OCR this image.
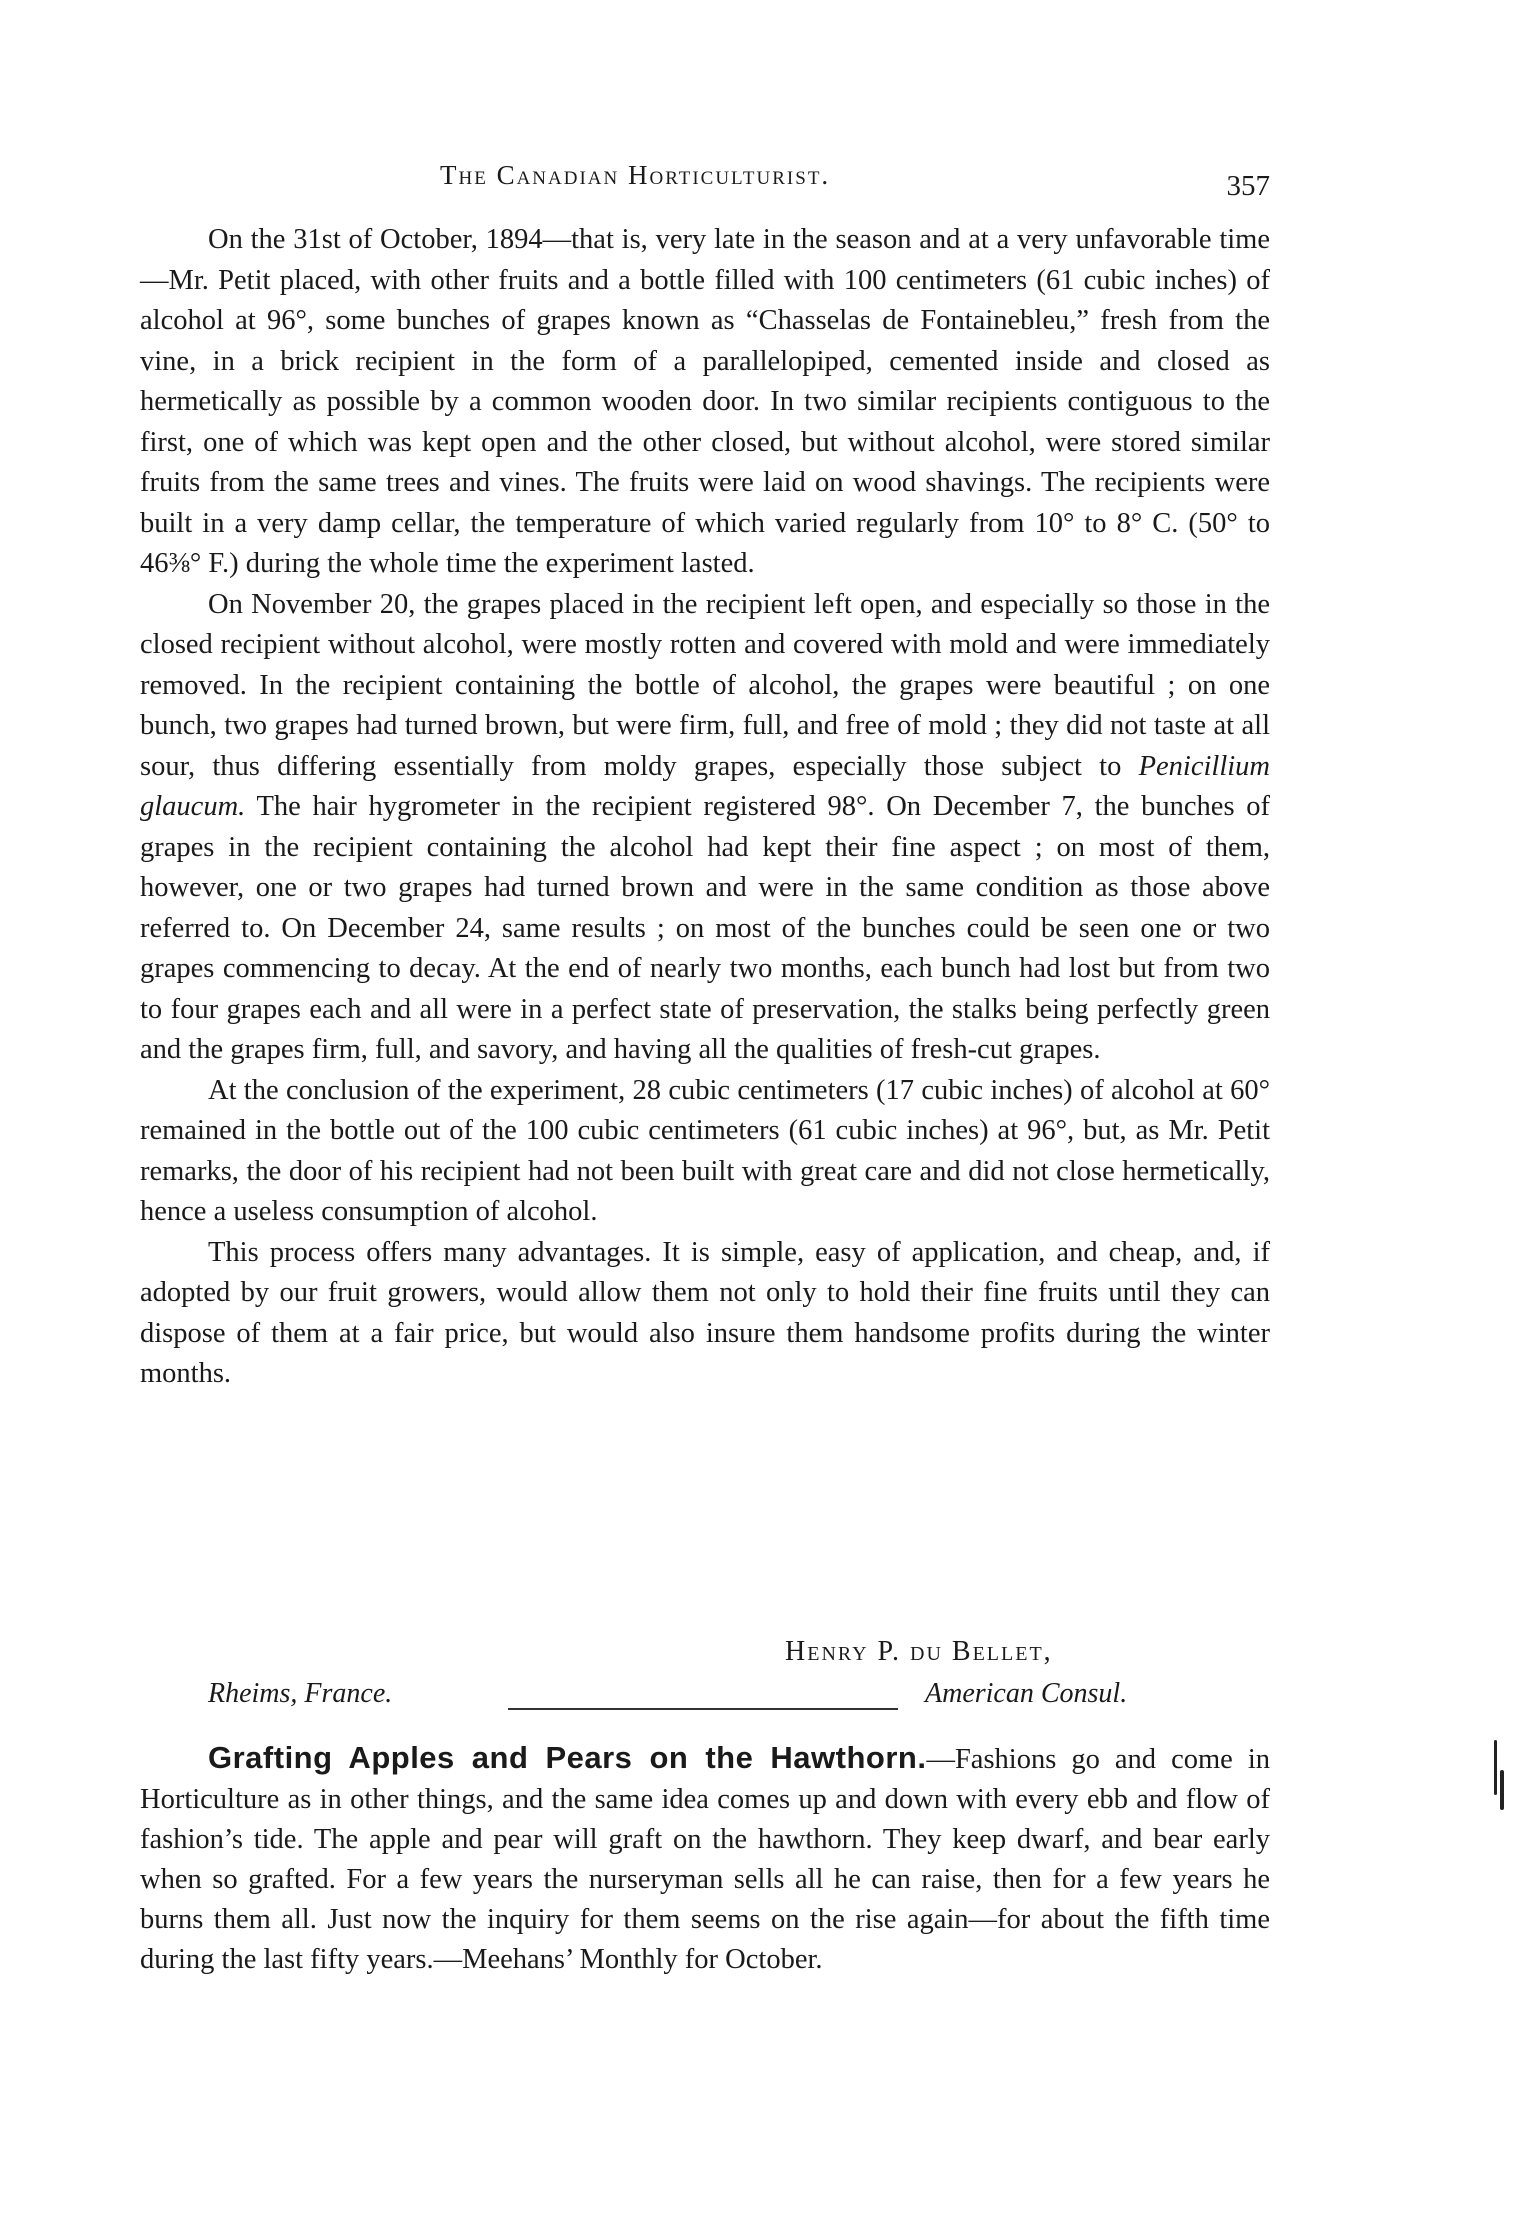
The Canadian Horticulturist.	357

On the 31st of October, 1894—that is, very late in the season and at a very unfavorable time—Mr. Petit placed, with other fruits and a bottle filled with 100 centimeters (61 cubic inches) of alcohol at 96°, some bunches of grapes known as “Chasselas de Fontainebleu,” fresh from the vine, in a brick recipient in the form of a parallelopiped, cemented inside and closed as hermetically as possible by a common wooden door. In two similar recipients contiguous to the first, one of which was kept open and the other closed, but without alcohol, were stored similar fruits from the same trees and vines. The fruits were laid on wood shavings. The recipients were built in a very damp cellar, the temperature of which varied regularly from 10° to 8° C. (50° to 46⅜° F.) during the whole time the experiment lasted.

On November 20, the grapes placed in the recipient left open, and especially so those in the closed recipient without alcohol, were mostly rotten and covered with mold and were immediately removed. In the recipient containing the bottle of alcohol, the grapes were beautiful ; on one bunch, two grapes had turned brown, but were firm, full, and free of mold ; they did not taste at all sour, thus differing essentially from moldy grapes, especially those subject to Penicillium glaucum. The hair hygrometer in the recipient registered 98°. On December 7, the bunches of grapes in the recipient containing the alcohol had kept their fine aspect ; on most of them, however, one or two grapes had turned brown and were in the same condition as those above referred to. On December 24, same results ; on most of the bunches could be seen one or two grapes commencing to decay. At the end of nearly two months, each bunch had lost but from two to four grapes each and all were in a perfect state of preservation, the stalks being perfectly green and the grapes firm, full, and savory, and having all the qualities of fresh-cut grapes.

At the conclusion of the experiment, 28 cubic centimeters (17 cubic inches) of alcohol at 60° remained in the bottle out of the 100 cubic centimeters (61 cubic inches) at 96°, but, as Mr. Petit remarks, the door of his recipient had not been built with great care and did not close hermetically, hence a useless consumption of alcohol.

This process offers many advantages. It is simple, easy of application, and cheap, and, if adopted by our fruit growers, would allow them not only to hold their fine fruits until they can dispose of them at a fair price, but would also insure them handsome profits during the winter months.

Henry P. du Bellet,
Rheims, France.	American Consul.

Grafting Apples and Pears on the Hawthorn.—Fashions go and come in Horticulture as in other things, and the same idea comes up and down with every ebb and flow of fashion’s tide. The apple and pear will graft on the hawthorn. They keep dwarf, and bear early when so grafted. For a few years the nurseryman sells all he can raise, then for a few years he burns them all. Just now the inquiry for them seems on the rise again—for about the fifth time during the last fifty years.—Meehans’ Monthly for October.
